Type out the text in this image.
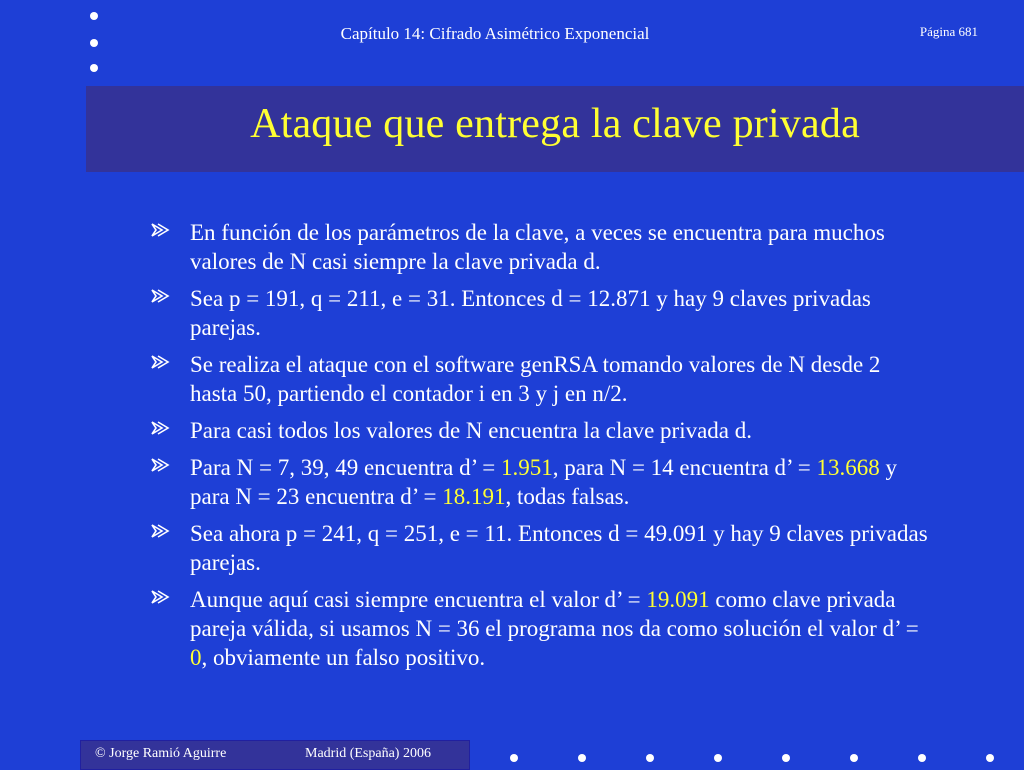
Capítulo 14: Cifrado Asimétrico Exponencial	Página 681
Ataque que entrega la clave privada
En función de los parámetros de la clave, a veces se encuentra para muchos valores de N casi siempre la clave privada d.
Sea p = 191, q = 211, e = 31. Entonces d = 12.871 y hay 9 claves privadas parejas.
Se realiza el ataque con el software genRSA tomando valores de N desde 2 hasta 50, partiendo el contador i en 3 y j en n/2.
Para casi todos los valores de N encuentra la clave privada d.
Para N = 7, 39, 49 encuentra d’ = 1.951, para N = 14 encuentra d’ = 13.668 y para N = 23 encuentra d’ = 18.191, todas falsas.
Sea ahora p = 241, q = 251, e = 11. Entonces d = 49.091 y hay 9 claves privadas parejas.
Aunque aquí casi siempre encuentra el valor d’ = 19.091 como clave privada pareja válida, si usamos N = 36 el programa nos da como solución el valor d’ = 0, obviamente un falso positivo.
© Jorge Ramió Aguirre	Madrid (España) 2006
